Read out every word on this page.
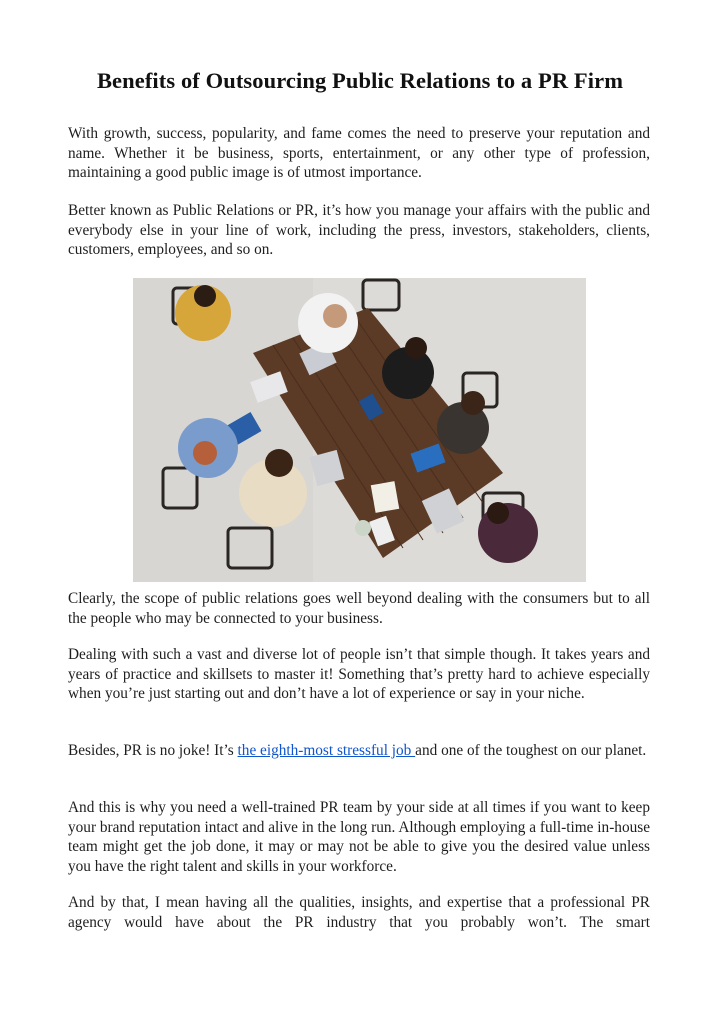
Benefits of Outsourcing Public Relations to a PR Firm

With growth, success, popularity, and fame comes the need to preserve your reputation and name. Whether it be business, sports, entertainment, or any other type of profession, maintaining a good public image is of utmost importance.

Better known as Public Relations or PR, it’s how you manage your affairs with the public and everybody else in your line of work, including the press, investors, stakeholders, clients, customers, employees, and so on.

Clearly, the scope of public relations goes well beyond dealing with the consumers but to all the people who may be connected to your business.

Dealing with such a vast and diverse lot of people isn’t that simple though. It takes years and years of practice and skillsets to master it! Something that’s pretty hard to achieve especially when you’re just starting out and don’t have a lot of experience or say in your niche.

Besides, PR is no joke! It’s the eighth-most stressful job and one of the toughest on our planet.

And this is why you need a well-trained PR team by your side at all times if you want to keep your brand reputation intact and alive in the long run. Although employing a full-time in-house team might get the job done, it may or may not be able to give you the desired value unless you have the right talent and skills in your workforce.

And by that, I mean having all the qualities, insights, and expertise that a professional PR agency would have about the PR industry that you probably won’t. The smart
